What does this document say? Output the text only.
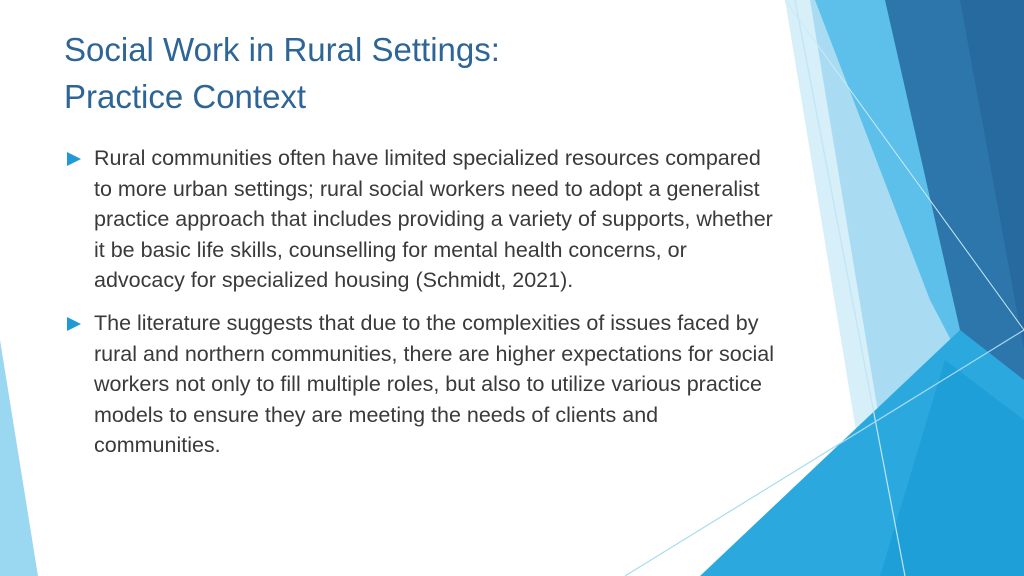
Social Work in Rural Settings:
Practice Context
Rural communities often have limited specialized resources compared to more urban settings; rural social workers need to adopt a generalist practice approach that includes providing a variety of supports, whether it be basic life skills, counselling for mental health concerns, or advocacy for specialized housing (Schmidt, 2021).
The literature suggests that due to the complexities of issues faced by rural and northern communities, there are higher expectations for social workers not only to fill multiple roles, but also to utilize various practice models to ensure they are meeting the needs of clients and communities.
